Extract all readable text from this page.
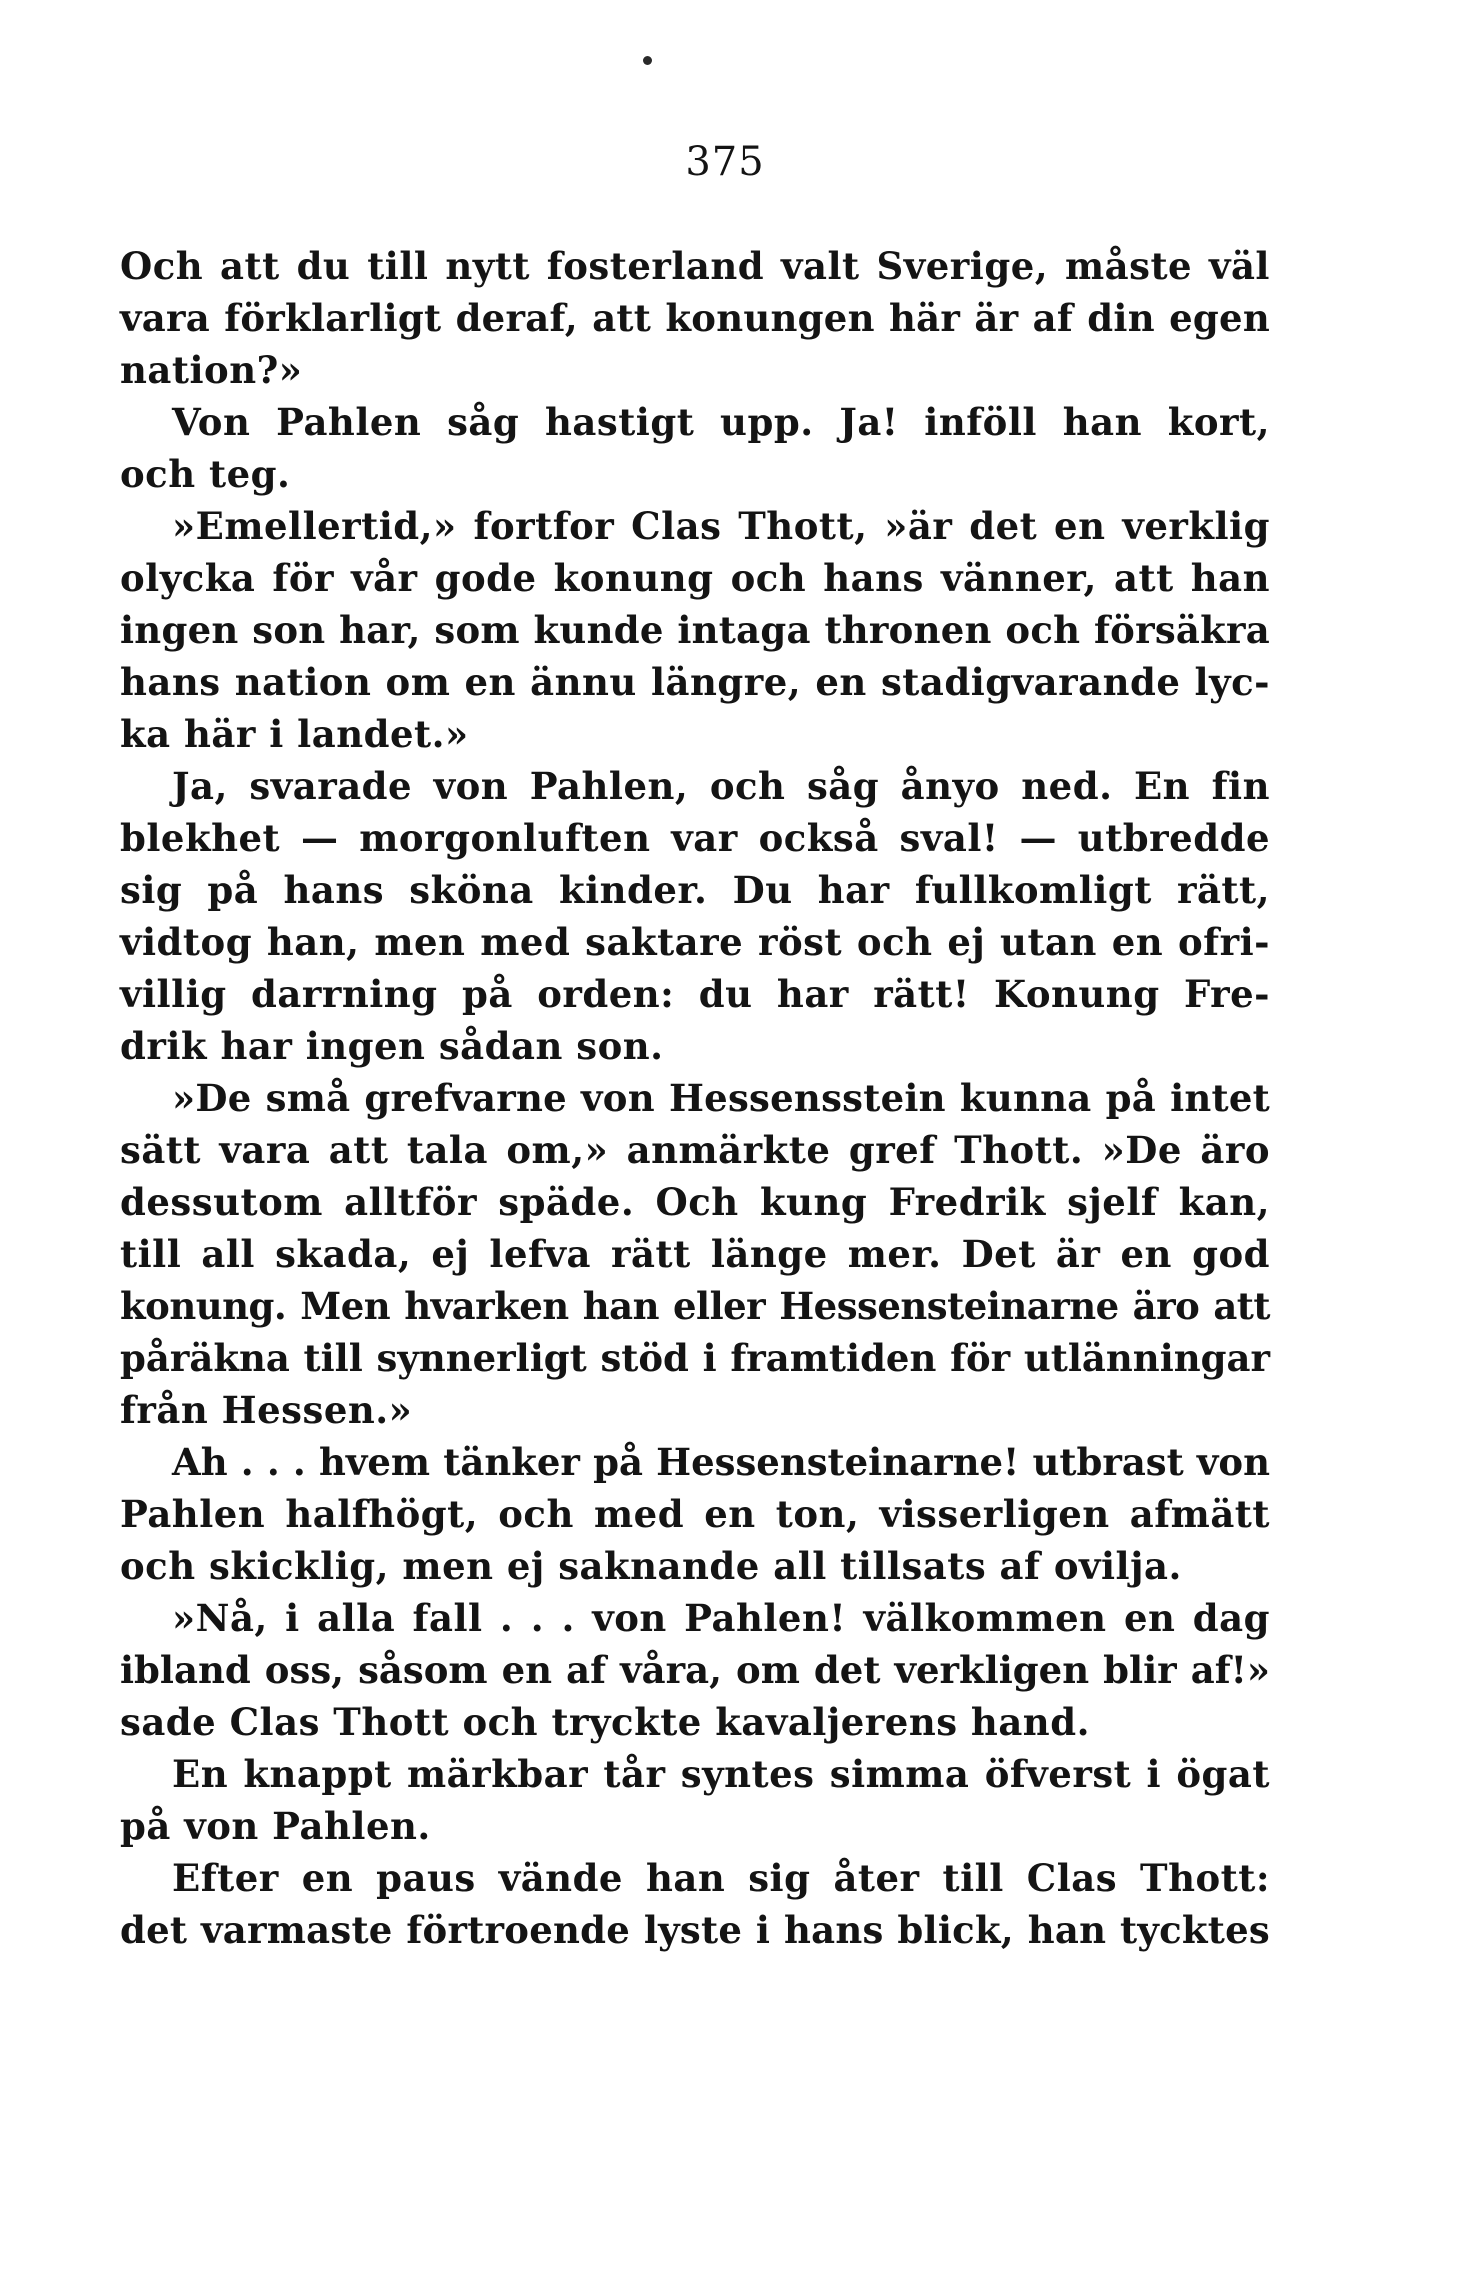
375
Och att du till nytt fosterland valt Sverige, måste väl
vara förklarligt deraf, att konungen här är af din egen
nation?»
Von Pahlen såg hastigt upp. Ja! inföll han kort,
och teg.
»Emellertid,» fortfor Clas Thott, »är det en verklig
olycka för vår gode konung och hans vänner, att han
ingen son har, som kunde intaga thronen och försäkra
hans nation om en ännu längre, en stadigvarande lyc-
ka här i landet.»
Ja, svarade von Pahlen, och såg ånyo ned. En fin
blekhet — morgonluften var också sval! — utbredde
sig på hans sköna kinder. Du har fullkomligt rätt,
vidtog han, men med saktare röst och ej utan en ofri-
villig darrning på orden: du har rätt! Konung Fre-
drik har ingen sådan son.
»De små grefvarne von Hessensstein kunna på intet
sätt vara att tala om,» anmärkte gref Thott. »De äro
dessutom alltför späde. Och kung Fredrik sjelf kan,
till all skada, ej lefva rätt länge mer. Det är en god
konung. Men hvarken han eller Hessensteinarne äro att
påräkna till synnerligt stöd i framtiden för utlänningar
från Hessen.»
Ah . . . hvem tänker på Hessensteinarne! utbrast von
Pahlen halfhögt, och med en ton, visserligen afmätt
och skicklig, men ej saknande all tillsats af ovilja.
»Nå, i alla fall . . . von Pahlen! välkommen en dag
ibland oss, såsom en af våra, om det verkligen blir af!»
sade Clas Thott och tryckte kavaljerens hand.
En knappt märkbar tår syntes simma öfverst i ögat
på von Pahlen.
Efter en paus vände han sig åter till Clas Thott:
det varmaste förtroende lyste i hans blick, han tycktes
